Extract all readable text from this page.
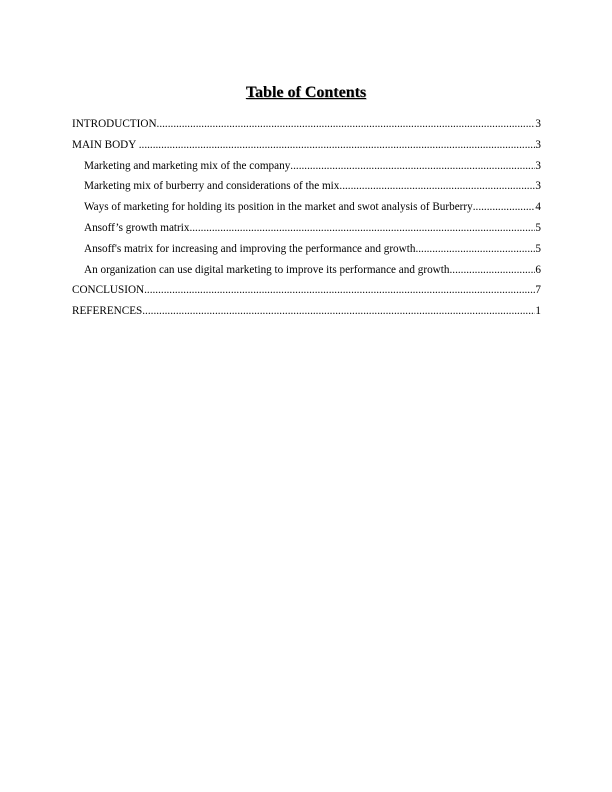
Table of Contents
INTRODUCTION .....	3
MAIN BODY .....	3
Marketing and marketing mix of the company .....	3
Marketing mix of burberry and considerations of the mix .....	3
Ways of marketing for holding its position in the market and swot analysis of Burberry .....	4
Ansoff’s growth matrix .....	5
Ansoff's matrix for increasing and improving the performance and growth .....	5
An organization can use digital marketing to improve its performance and growth .....	6
CONCLUSION .....	7
REFERENCES .....	1
